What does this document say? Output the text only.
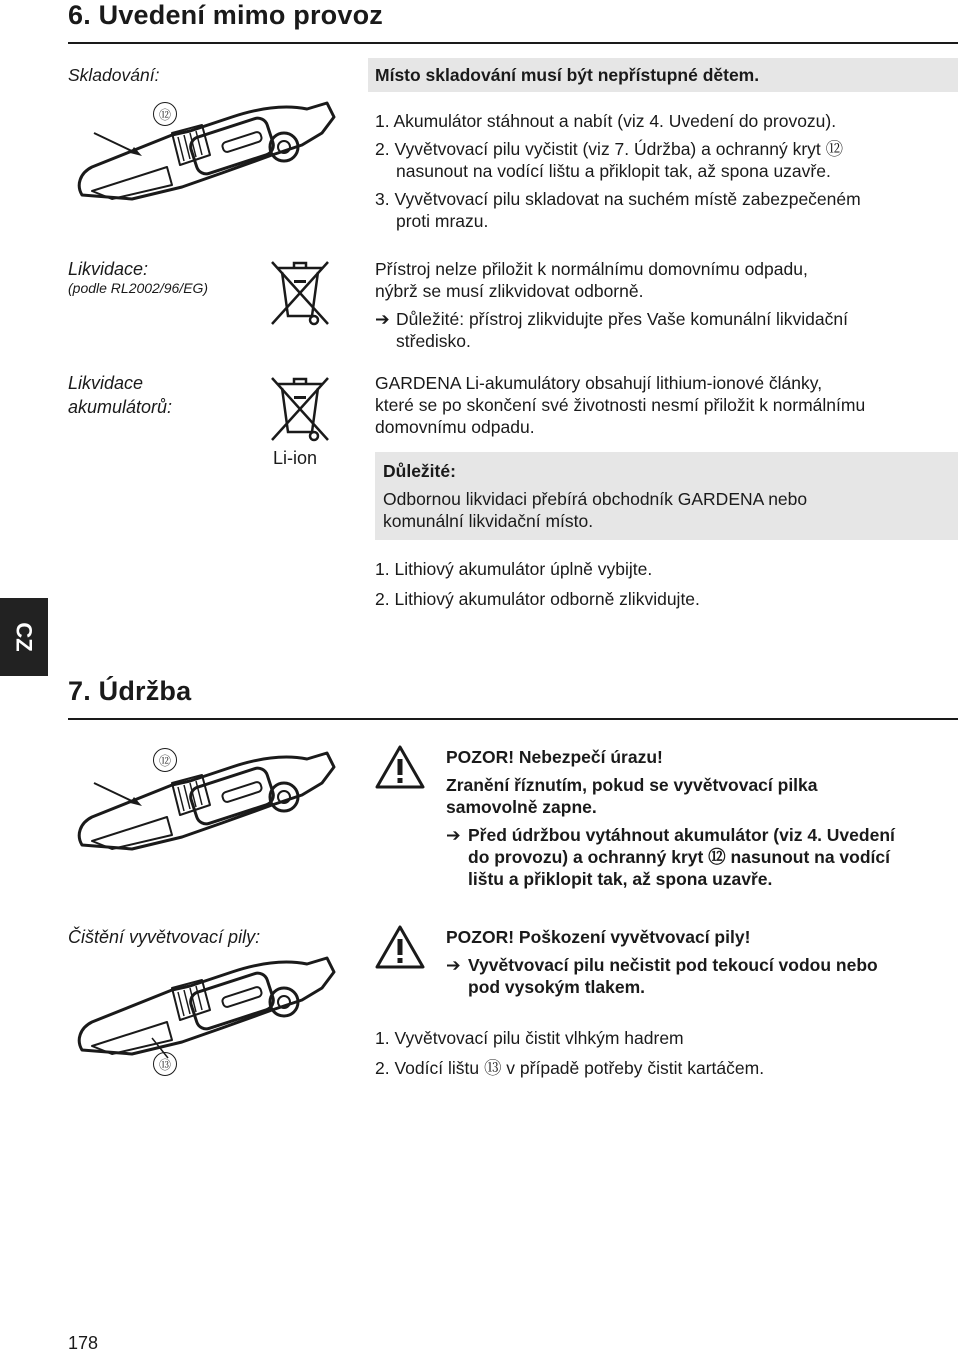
6. Uvedení mimo provoz
Skladování:	Místo skladování musí být nepřístupné dětem.
1. Akumulátor stáhnout a nabít (viz 4. Uvedení do provozu).
2. Vyvětvovací pilu vyčistit (viz 7. Údržba) a ochranný kryt ⑫
nasunout na vodící lištu a přiklopit tak, až spona uzavře.
3. Vyvětvovací pilu skladovat na suchém místě zabezpečeném
proti mrazu.
⑫
Likvidace:
(podle RL2002/96/EG)
Přístroj nelze přiložit k normálnímu domovnímu odpadu,
nýbrž se musí zlikvidovat odborně.
➔ Důležité: přístroj zlikvidujte přes Vaše komunální likvidační
středisko.
Likvidace
akumulátorů:
Li-ion
GARDENA Li-akumulátory obsahují lithium-ionové články,
které se po skončení své životnosti nesmí přiložit k normálnímu
domovnímu odpadu.
Důležité:
Odbornou likvidaci přebírá obchodník GARDENA nebo
komunální likvidační místo.
1. Lithiový akumulátor úplně vybijte.
2. Lithiový akumulátor odborně zlikvidujte.
CZ
7. Údržba
⑫	POZOR! Nebezpečí úrazu!
Zranění říznutím, pokud se vyvětvovací pilka
samovolně zapne.
➔ Před údržbou vytáhnout akumulátor (viz 4. Uvedení
do provozu) a ochranný kryt ⑫ nasunout na vodící
lištu a přiklopit tak, až spona uzavře.
Čištění vyvětvovací pily:	POZOR! Poškození vyvětvovací pily!
➔ Vyvětvovací pilu nečistit pod tekoucí vodou nebo
pod vysokým tlakem.
⑬
1. Vyvětvovací pilu čistit vlhkým hadrem
2. Vodící lištu ⑬ v případě potřeby čistit kartáčem.
178
